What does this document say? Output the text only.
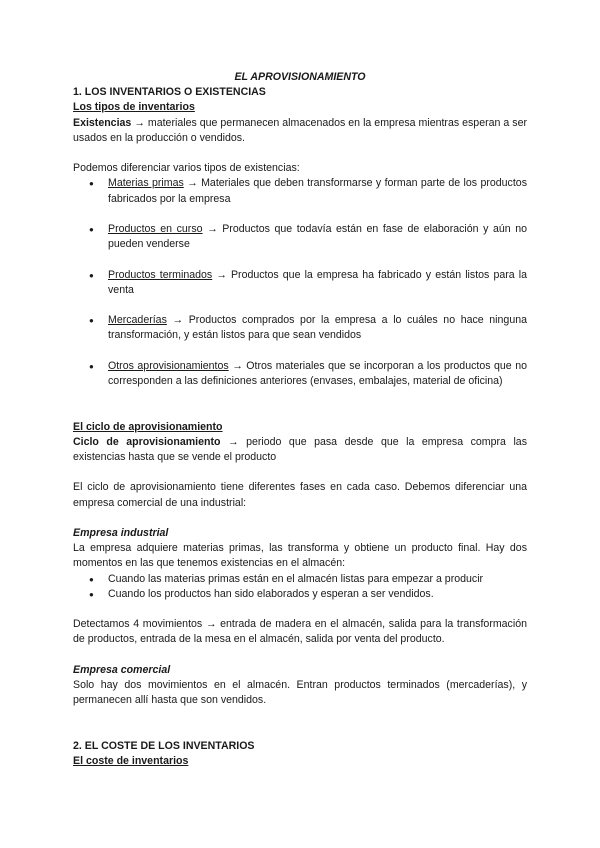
EL APROVISIONAMIENTO
1. LOS INVENTARIOS O EXISTENCIAS
Los tipos de inventarios

Existencias → materiales que permanecen almacenados en la empresa mientras esperan a ser usados en la producción o vendidos.

Podemos diferenciar varios tipos de existencias:

● Materias primas → Materiales que deben transformarse y forman parte de los productos fabricados por la empresa
● Productos en curso → Productos que todavía están en fase de elaboración y aún no pueden venderse
● Productos terminados → Productos que la empresa ha fabricado y están listos para la venta
● Mercaderías → Productos comprados por la empresa a lo cuáles no hace ninguna transformación, y están listos para que sean vendidos
● Otros aprovisionamientos → Otros materiales que se incorporan a los productos que no corresponden a las definiciones anteriores (envases, embalajes, material de oficina)
El ciclo de aprovisionamiento

Ciclo de aprovisionamiento → periodo que pasa desde que la empresa compra las existencias hasta que se vende el producto

El ciclo de aprovisionamiento tiene diferentes fases en cada caso. Debemos diferenciar una empresa comercial de una industrial:

Empresa industrial

La empresa adquiere materias primas, las transforma y obtiene un producto final. Hay dos momentos en las que tenemos existencias en el almacén:

● Cuando las materias primas están en el almacén listas para empezar a producir
● Cuando los productos han sido elaborados y esperan a ser vendidos.

Detectamos 4 movimientos → entrada de madera en el almacén, salida para la transformación de productos, entrada de la mesa en el almacén, salida por venta del producto.

Empresa comercial

Solo hay dos movimientos en el almacén. Entran productos terminados (mercaderías), y permanecen allí hasta que son vendidos.

2. EL COSTE DE LOS INVENTARIOS
El coste de inventarios
